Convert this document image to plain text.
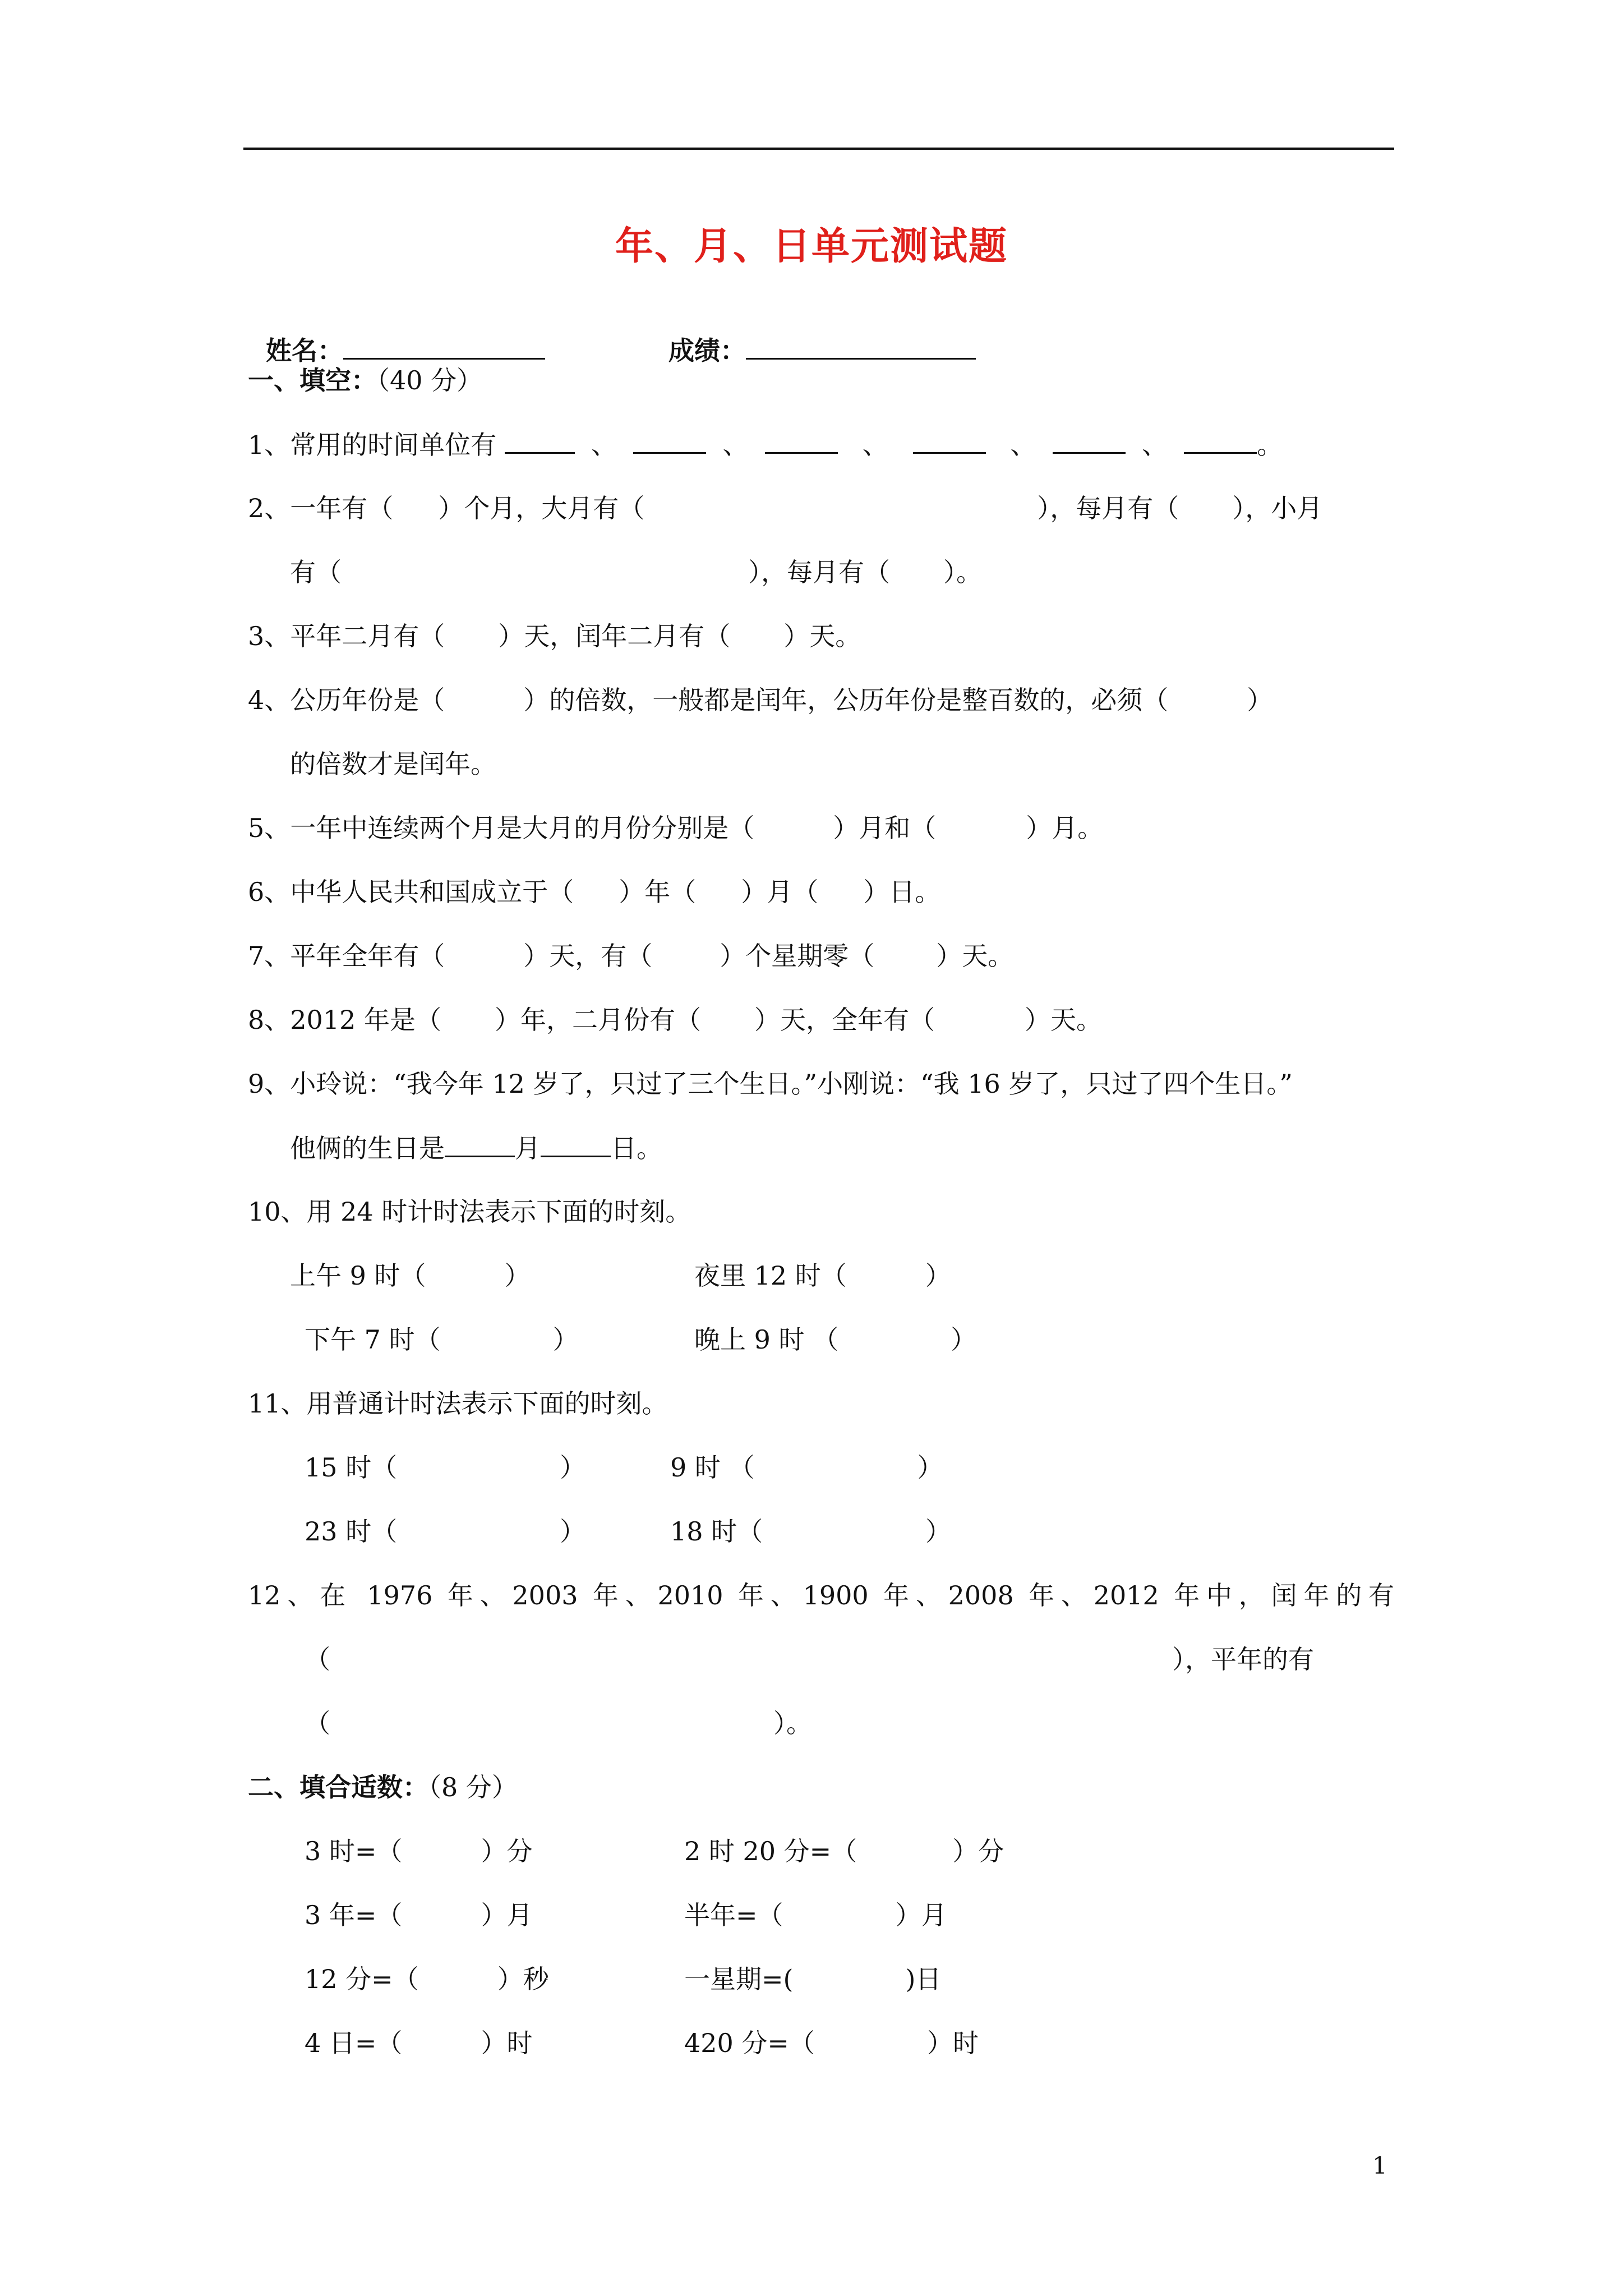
年、月、日单元测试题

姓名：	成绩：

一、填空：（40 分）
1、常用的时间单位有	、	、	、	、	、	。
2、一年有（ ）个月，大月有（	），每月有（ ），小月
有（	），每月有（ ）。
3、平年二月有（ ）天，闰年二月有（ ）天。
4、公历年份是（	）的倍数，一般都是闰年，公历年份是整百数的，必须（	）
的倍数才是闰年。
5、一年中连续两个月是大月的月份分别是（	）月和（	）月。
6、中华人民共和国成立于（ ）年（ ）月（ ）日。
7、平年全年有（	）天，有（	）个星期零（ ）天。
8、2012 年是（ ）年，二月份有（ ）天，全年有（	）天。
9、小玲说：“我今年 12 岁了，只过了三个生日。”小刚说：“我 16 岁了，只过了四个生日。”
他俩的生日是	月	日。
10、用 24 时计时法表示下面的时刻。
上午 9 时（	）	夜里 12 时（	）
下午 7 时（	）	晚上 9 时 （	）
11、用普通计时法表示下面的时刻。
15 时（	）	9 时 （	）
23 时（	）	18 时（	）
12、在 1976 年、2003 年、2010 年、1900 年、2008 年、2012 年中，闰年的有
（	），平年的有
（	）。
二、填合适数：（8 分）
3 时=（	）分	2 时 20 分=（	）分
3 年=（	）月	半年=（	）月
12 分=（	）秒	一星期=(	)日
4 日=（	）时	420 分=（	）时
1
